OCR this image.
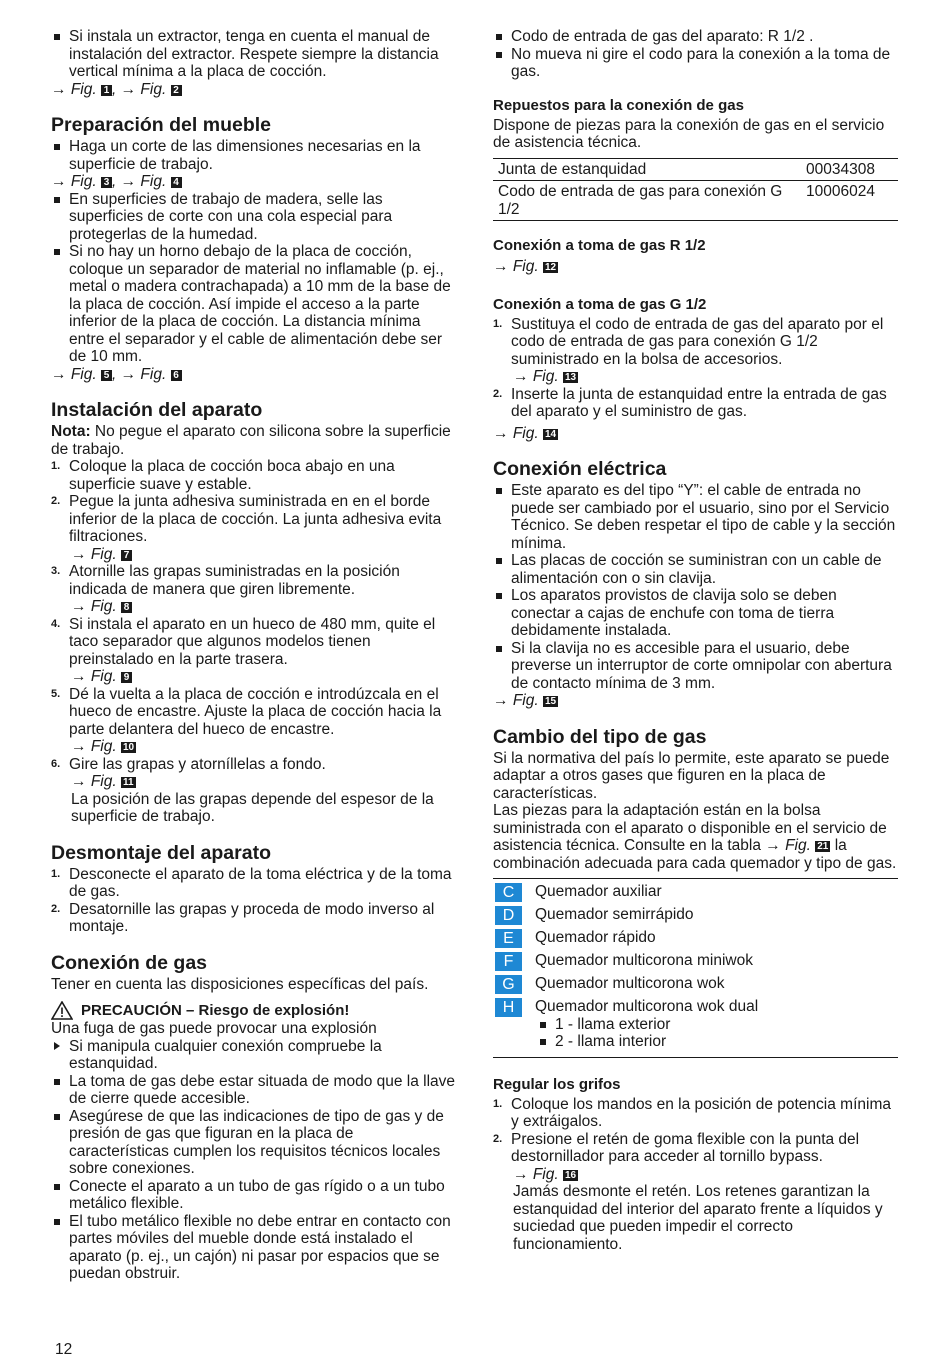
Si instala un extractor, tenga en cuenta el manual de instalación del extractor. Respete siempre la distancia vertical mínima a la placa de cocción.
→ Fig. 1 , → Fig. 2
Preparación del mueble
Haga un corte de las dimensiones necesarias en la superficie de trabajo.
→ Fig. 3 , → Fig. 4
En superficies de trabajo de madera, selle las superficies de corte con una cola especial para protegerlas de la humedad.
Si no hay un horno debajo de la placa de cocción, coloque un separador de material no inflamable (p. ej., metal o madera contrachapada) a 10 mm de la base de la placa de cocción. Así impide el acceso a la parte inferior de la placa de cocción. La distancia mínima entre el separador y el cable de alimentación debe ser de 10 mm.
→ Fig. 5 , → Fig. 6
Instalación del aparato
Nota: No pegue el aparato con silicona sobre la superficie de trabajo.
1. Coloque la placa de cocción boca abajo en una superficie suave y estable.
2. Pegue la junta adhesiva suministrada en en el borde inferior de la placa de cocción. La junta adhesiva evita filtraciones.
→ Fig. 7
3. Atornille las grapas suministradas en la posición indicada de manera que giren libremente.
→ Fig. 8
4. Si instala el aparato en un hueco de 480 mm, quite el taco separador que algunos modelos tienen preinstalado en la parte trasera.
→ Fig. 9
5. Dé la vuelta a la placa de cocción e introdúzcala en el hueco de encastre. Ajuste la placa de cocción hacia la parte delantera del hueco de encastre.
→ Fig. 10
6. Gire las grapas y atorníllelas a fondo.
→ Fig. 11
La posición de las grapas depende del espesor de la superficie de trabajo.
Desmontaje del aparato
1. Desconecte el aparato de la toma eléctrica y de la toma de gas.
2. Desatornille las grapas y proceda de modo inverso al montaje.
Conexión de gas
Tener en cuenta las disposiciones específicas del país.
PRECAUCIÓN – Riesgo de explosión!
Una fuga de gas puede provocar una explosión
Si manipula cualquier conexión compruebe la estanquidad.
La toma de gas debe estar situada de modo que la llave de cierre quede accesible.
Asegúrese de que las indicaciones de tipo de gas y de presión de gas que figuran en la placa de características cumplen los requisitos técnicos locales sobre conexiones.
Conecte el aparato a un tubo de gas rígido o a un tubo metálico flexible.
El tubo metálico flexible no debe entrar en contacto con partes móviles del mueble donde está instalado el aparato (p. ej., un cajón) ni pasar por espacios que se puedan obstruir.
Codo de entrada de gas del aparato: R 1/2 .
No mueva ni gire el codo para la conexión a la toma de gas.
Repuestos para la conexión de gas
Dispone de piezas para la conexión de gas en el servicio de asistencia técnica.
Junta de estanquidad	00034308
Codo de entrada de gas para conexión G 1/2	10006024
Conexión a toma de gas R 1/2
→ Fig. 12
Conexión a toma de gas G 1/2
1. Sustituya el codo de entrada de gas del aparato por el codo de entrada de gas para conexión G 1/2 suministrado en la bolsa de accesorios.
→ Fig. 13
2. Inserte la junta de estanquidad entre la entrada de gas del aparato y el suministro de gas.
→ Fig. 14
Conexión eléctrica
Este aparato es del tipo “Y”: el cable de entrada no puede ser cambiado por el usuario, sino por el Servicio Técnico. Se deben respetar el tipo de cable y la sección mínima.
Las placas de cocción se suministran con un cable de alimentación con o sin clavija.
Los aparatos provistos de clavija solo se deben conectar a cajas de enchufe con toma de tierra debidamente instalada.
Si la clavija no es accesible para el usuario, debe preverse un interruptor de corte omnipolar con abertura de contacto mínima de 3 mm.
→ Fig. 15
Cambio del tipo de gas
Si la normativa del país lo permite, este aparato se puede adaptar a otros gases que figuren en la placa de características.
Las piezas para la adaptación están en la bolsa suministrada con el aparato o disponible en el servicio de asistencia técnica. Consulte en la tabla → Fig. 21 la combinación adecuada para cada quemador y tipo de gas.
C	Quemador auxiliar
D	Quemador semirrápido
E	Quemador rápido
F	Quemador multicorona miniwok
G	Quemador multicorona wok
H	Quemador multicorona wok dual
1 - llama exterior
2 - llama interior
Regular los grifos
1. Coloque los mandos en la posición de potencia mínima y extráigalos.
2. Presione el retén de goma flexible con la punta del destornillador para acceder al tornillo bypass.
→ Fig. 16
Jamás desmonte el retén. Los retenes garantizan la estanquidad del interior del aparato frente a líquidos y suciedad que pueden impedir el correcto funcionamiento.
12
